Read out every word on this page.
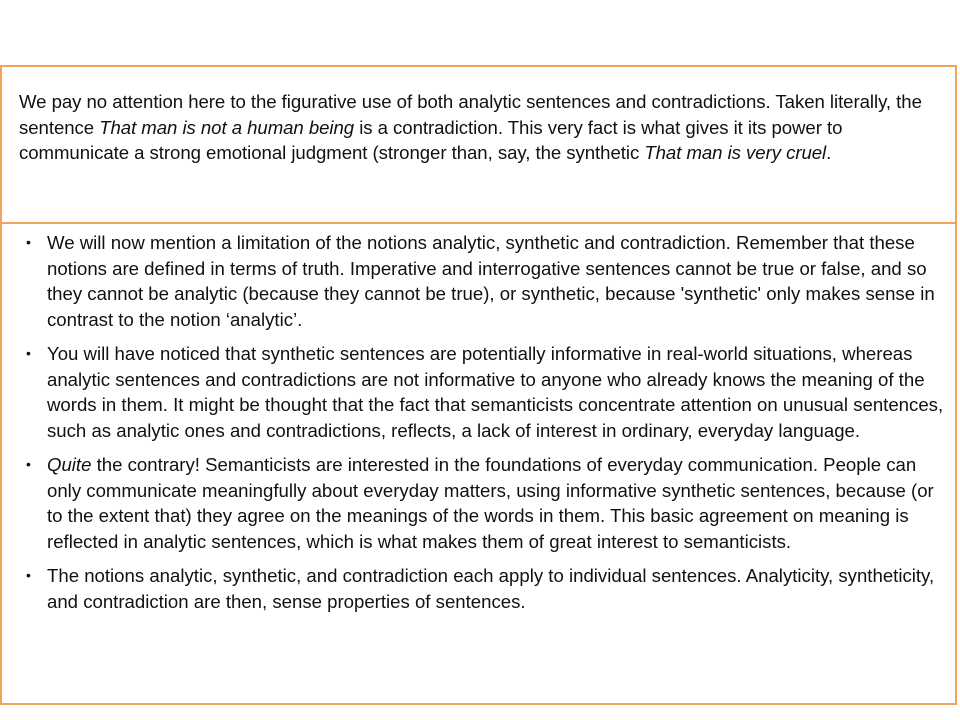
We pay no attention here to the figurative use of both analytic sentences and contradictions. Taken literally, the sentence That man is not a human being is a contradiction. This very fact is what gives it its power to communicate a strong emotional judgment (stronger than, say, the synthetic That man is very cruel.

• We will now mention a limitation of the notions analytic, synthetic and contradiction. Remember that these notions are defined in terms of truth. Imperative and interrogative sentences cannot be true or false, and so they cannot be analytic (because they cannot be true), or synthetic, because 'synthetic' only makes sense in contrast to the notion ‘analytic’.
• You will have noticed that synthetic sentences are potentially informative in real-world situations, whereas analytic sentences and contradictions are not informative to anyone who already knows the meaning of the words in them. It might be thought that the fact that semanticists concentrate attention on unusual sentences, such as analytic ones and contradictions, reflects, a lack of interest in ordinary, everyday language.
• Quite the contrary! Semanticists are interested in the foundations of everyday communication. People can only communicate meaningfully about everyday matters, using informative synthetic sentences, because (or to the extent that) they agree on the meanings of the words in them. This basic agreement on meaning is reflected in analytic sentences, which is what makes them of great interest to semanticists.
• The notions analytic, synthetic, and contradiction each apply to individual sentences. Analyticity, syntheticity, and contradiction are then, sense properties of sentences.
